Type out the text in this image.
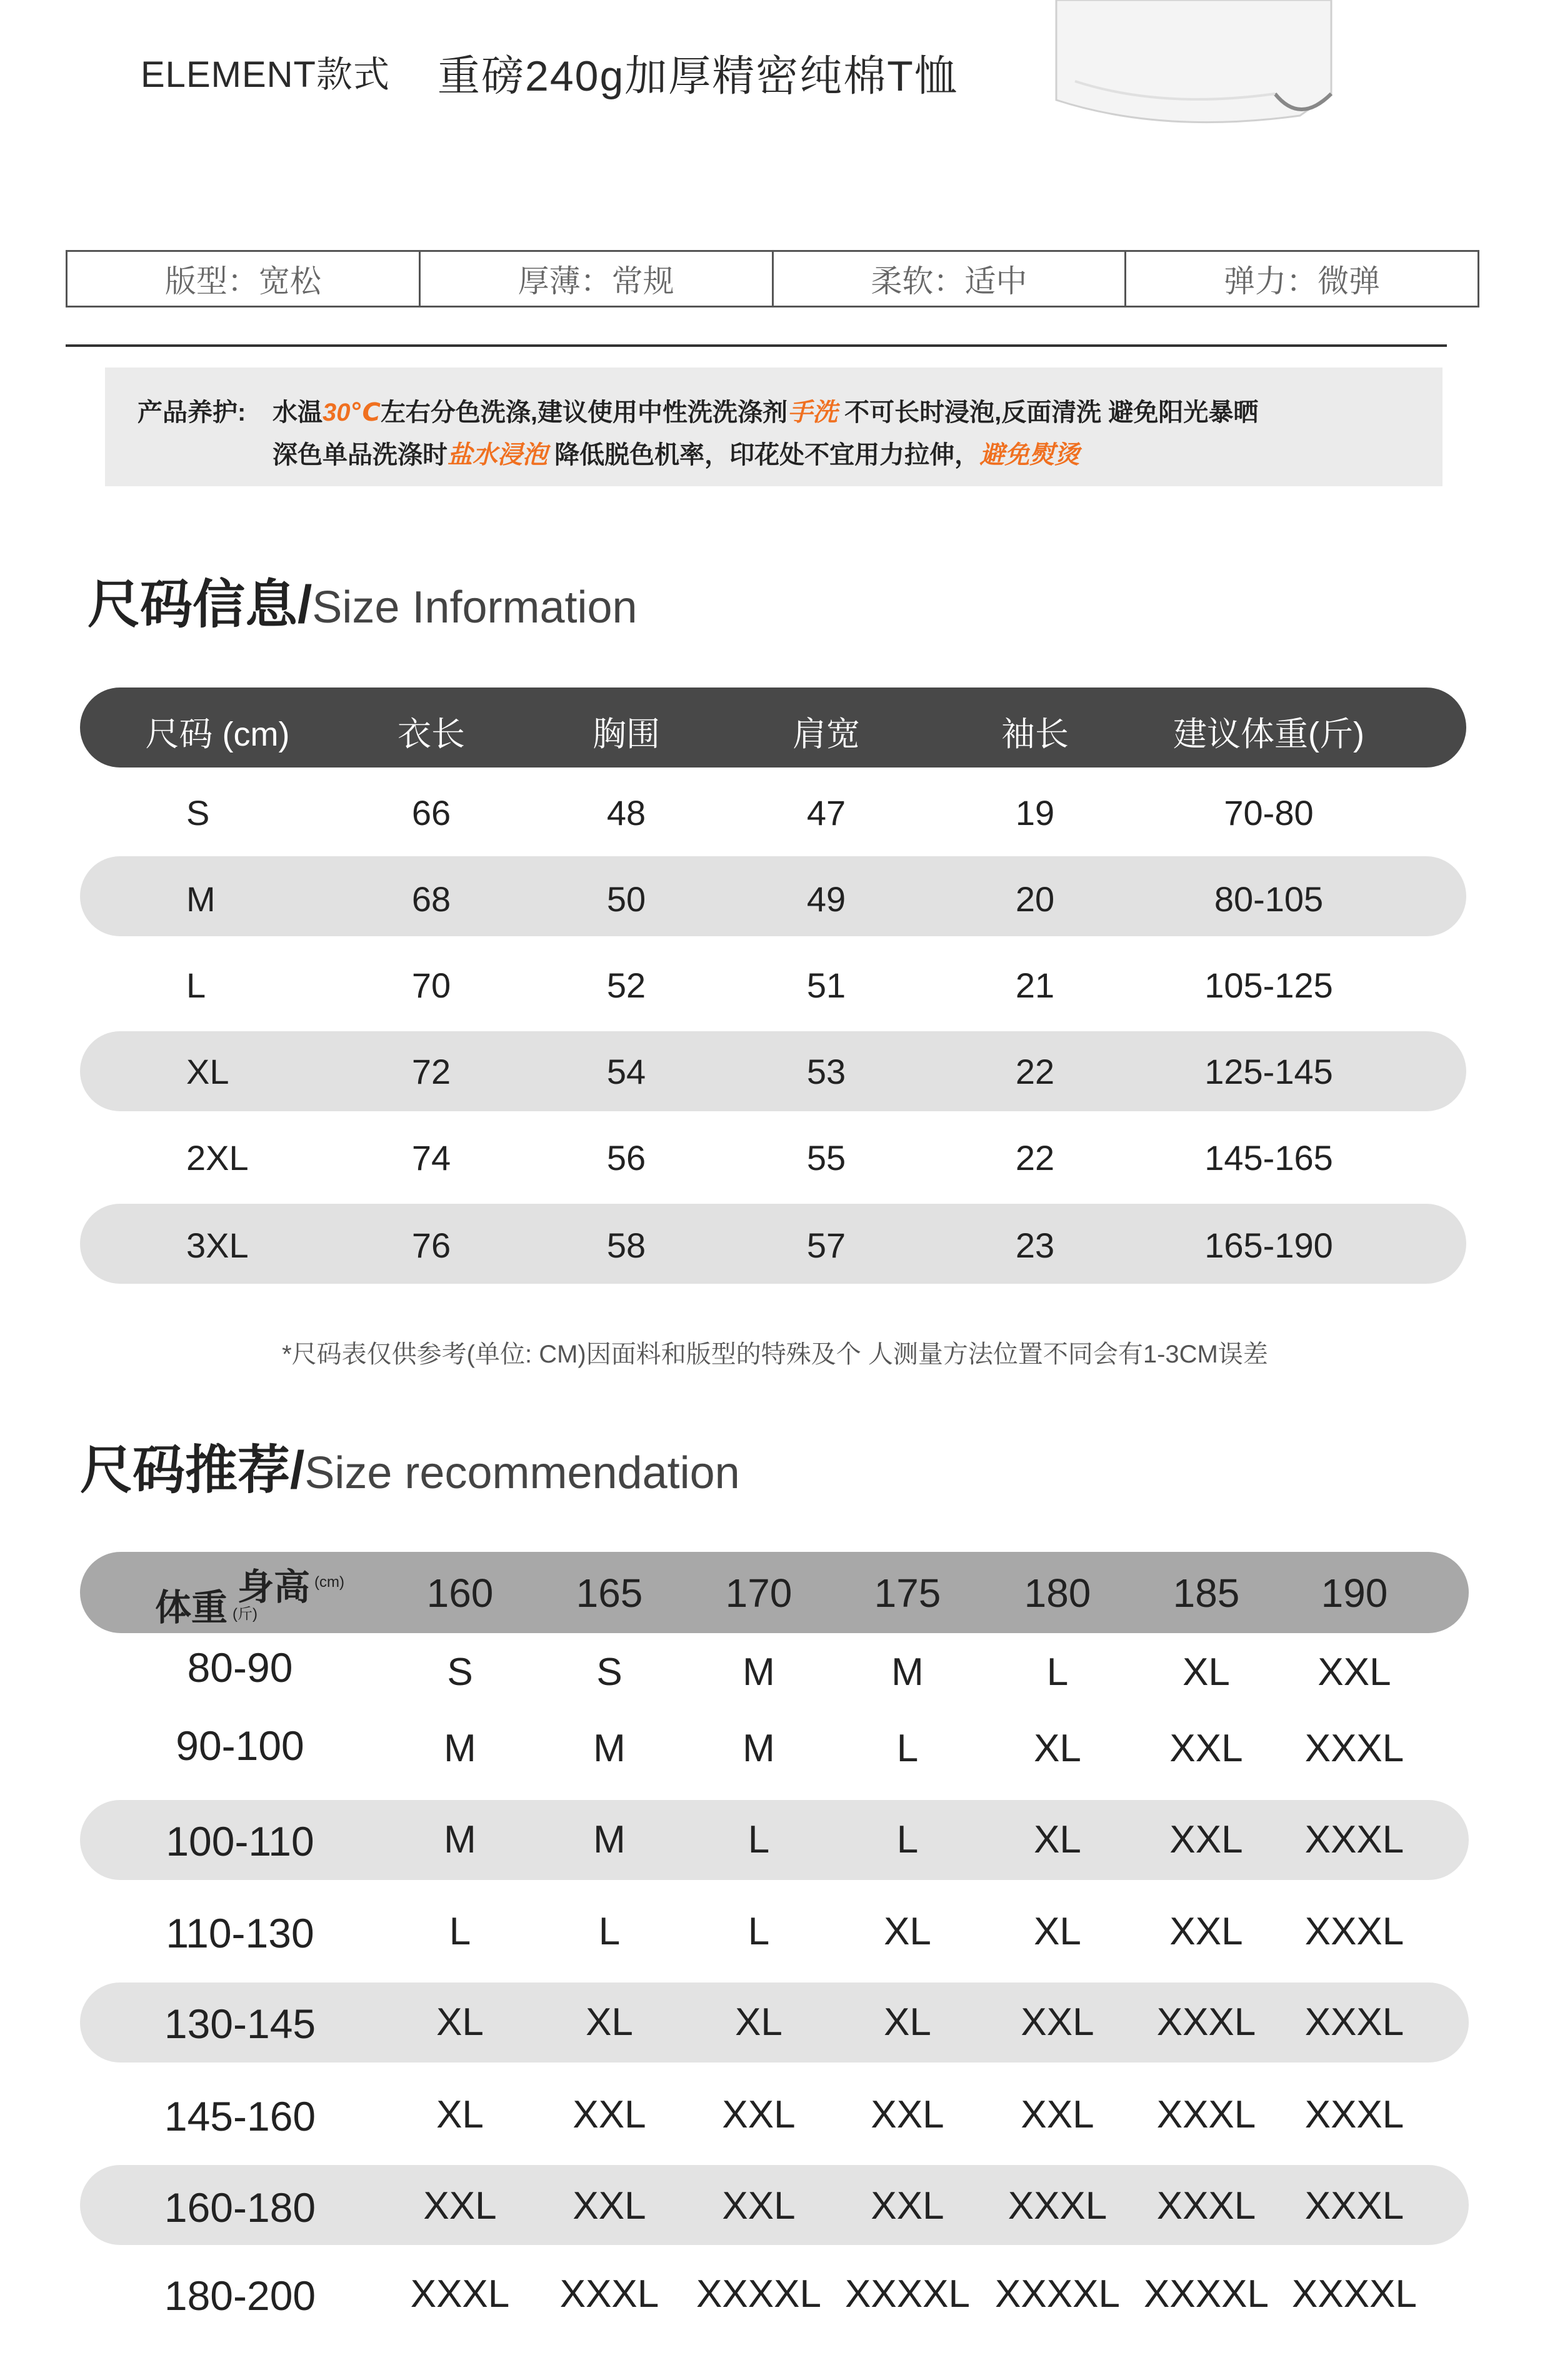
ELEMENT款式 重磅240g加厚精密纯棉T恤
版型：宽松	厚薄：常规	柔软：适中	弹力：微弹
产品养护: 水温30℃左右分色洗涤,建议使用中性洗洗涤剂手洗 不可长时浸泡,反面清洗 避免阳光暴晒
深色单品洗涤时盐水浸泡 降低脱色机率，印花处不宜用力拉伸，避免熨烫
尺码信息/Size Information
尺码 (cm)	衣长	胸围	肩宽	袖长	建议体重(斤)
S	66	48	47	19	70-80
M	68	50	49	20	80-105
L	70	52	51	21	105-125
XL	72	54	53	22	125-145
2XL	74	56	55	22	145-165
3XL	76	58	57	23	165-190
*尺码表仅供参考(单位: CM)因面料和版型的特殊及个 人测量方法位置不同会有1-3CM误差
尺码推荐/Size recommendation
体重 (斤)
身高 (cm) 160 165 170 175 180 185 190
80-90	S	S	M	M	L	XL XXL
90-100	M	M	M	L	XL XXL XXXL
100-110	M	M	L	L	XL XXL XXXL
110-130	L	L	L	XL	XL XXL XXXL
130-145	XL	XL	XL	XL XXL XXXL XXXL
145-160	XL XXL XXL XXL XXL XXXL XXXL
160-180	XXL XXL XXL XXL XXXL XXXL XXXL
180-200 XXXL XXXL XXXXL XXXXL XXXXL XXXXL XXXXL
